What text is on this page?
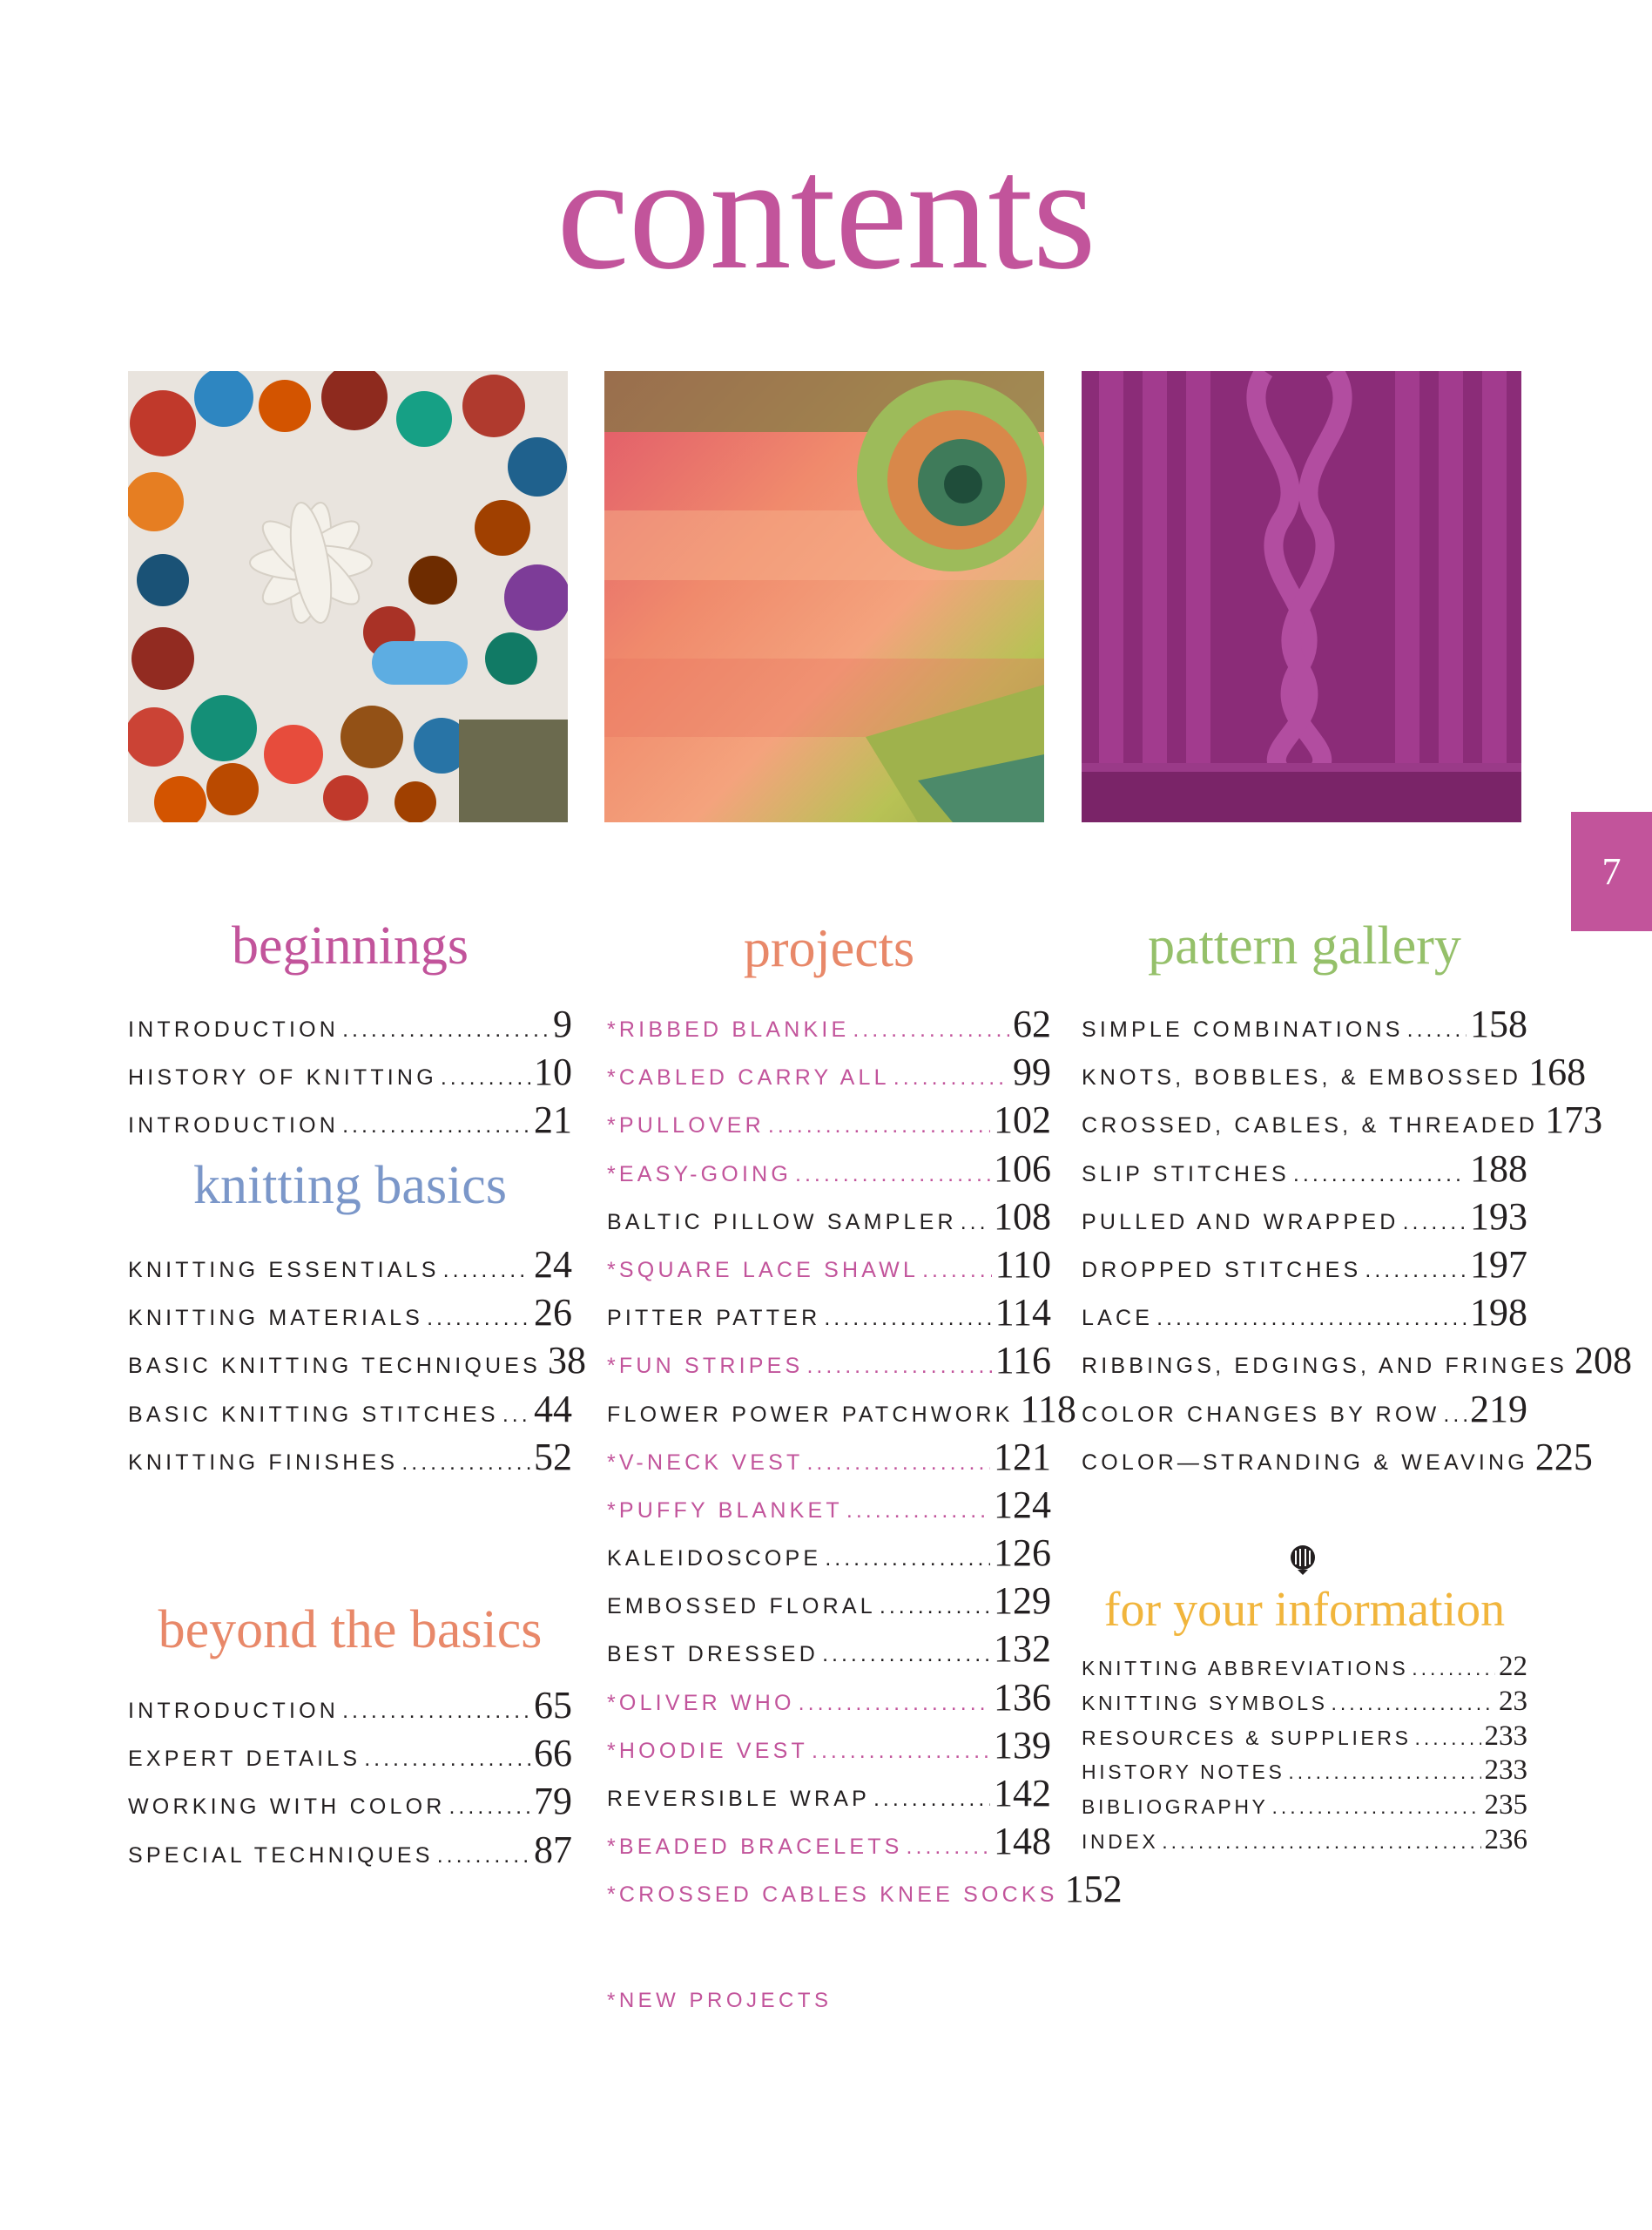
contents
7
beginnings
INTRODUCTION .....	9
HISTORY OF KNITTING .....	10
INTRODUCTION .....	21
knitting basics
KNITTING ESSENTIALS ..... 24
KNITTING MATERIALS .....	26
BASIC KNITTING TECHNIQUES 38
BASIC KNITTING STITCHES ..... 44
KNITTING FINISHES .....	52
beyond the basics
INTRODUCTION .....	65
EXPERT DETAILS .....	66
WORKING WITH COLOR ..... 79
SPECIAL TECHNIQUES .....	87
projects
*RIBBED BLANKIE .....	62
*CABLED CARRY ALL .....	99
*PULLOVER .....	102
*EASY-GOING .....	106
BALTIC PILLOW SAMPLER ..... 108
*SQUARE LACE SHAWL ..... 110
PITTER PATTER .....	114
*FUN STRIPES .....	116
FLOWER POWER PATCHWORK 118
*V-NECK VEST .....	121
*PUFFY BLANKET .....	124
KALEIDOSCOPE .....	126
EMBOSSED FLORAL .....	129
BEST DRESSED .....	132
*OLIVER WHO .....	136
*HOODIE VEST .....	139
REVERSIBLE WRAP .....	142
*BEADED BRACELETS ..... 148
*CROSSED CABLES KNEE SOCKS 152
pattern gallery
SIMPLE COMBINATIONS ..... 158
KNOTS, BOBBLES, & EMBOSSED 168
CROSSED, CABLES, & THREADED 173
SLIP STITCHES .....	188
PULLED AND WRAPPED ..... 193
DROPPED STITCHES .....	197
LACE .....	198
RIBBINGS, EDGINGS, AND FRINGES 208
COLOR CHANGES BY ROW ..... 219
COLOR—STRANDING & WEAVING 225
for your information
KNITTING ABBREVIATIONS .....	22
KNITTING SYMBOLS .....	23
RESOURCES & SUPPLIERS .....	233
HISTORY NOTES .....	233
BIBLIOGRAPHY .....	235
INDEX .....	236
*NEW PROJECTS
